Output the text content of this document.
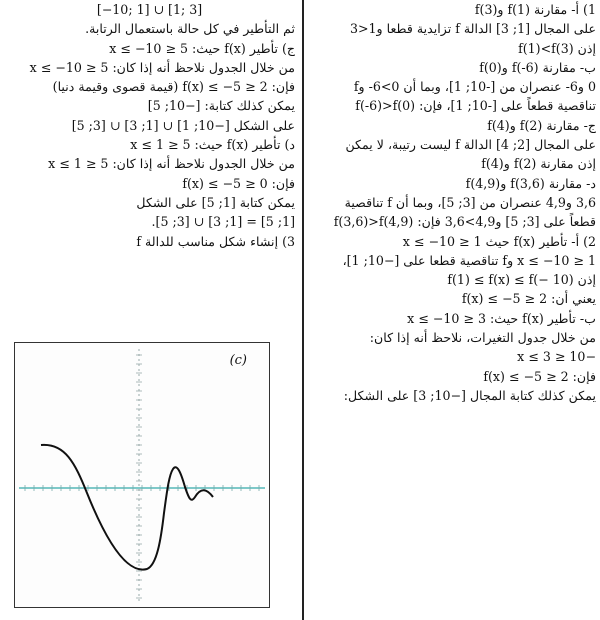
1) أ- مقارنة f(1) وf(3)
على المجال [1; 3] الدالة f تزايدية قطعا و1<3
إذن f(1)<f(3)
ب- مقارنة f(-6) وf(0)
0 و6- عنصران من [-10; 1]، وبما أن 0>6- وf
تناقصية قطعاً على [-10; 1]، فإن: f(-6)>f(0)
ج- مقارنة f(2) وf(4)
على المجال [2; 4] الدالة f ليست رتيبة، لا يمكن
إذن مقارنة f(2) وf(4)
د- مقارنة f(3,6) وf(4,9)
3,6 و4,9 عنصران من [3; 5]، وبما أن f تناقصية
قطعاً على [3; 5] و4,9>3,6 فإن: f(3,6)>f(4,9)
2) أ- تأطير f(x) حيث 1 ≤ x ≤ −10
1 ≤ x ≤ −10 وf تناقصية قطعا على [−10; 1]،
إذن f(1) ≤ f(x) ≤ f(− 10)
يعني أن: 2 ≤ f(x) ≤ −5
ب- تأطير f(x) حيث: 3 ≤ x ≤ −10
من خلال جدول التغيرات، نلاحظ أنه إذا كان:
−10 ≤ x ≤ 3
فإن: 2 ≤ f(x) ≤ −5
يمكن كذلك كتابة المجال [−10; 3] على الشكل:
[−10; 1] ∪ [1; 3]
ثم التأطير في كل حالة باستعمال الرتابة.
ج) تأطير f(x) حيث: 5 ≤ x ≤ −10
من خلال الجدول نلاحظ أنه إذا كان: 5 ≤ x ≤ −10
فإن: 2 ≤ f(x) ≤ −5 (قيمة قصوى وقيمة دنيا)
يمكن كذلك كتابة: [−10; 5]
على الشكل [−10; 1] ∪ [1; 3] ∪ [3; 5]
د) تأطير f(x) حيث: 5 ≤ x ≤ 1
من خلال الجدول نلاحظ أنه إذا كان: 5 ≤ x ≤ 1
فإن: 0 ≤ f(x) ≤ −5
يمكن كتابة [1; 5] على الشكل
[1; 5] = [1; 3] ∪ [3; 5].
3) إنشاء شكل مناسب للدالة f
(c)
